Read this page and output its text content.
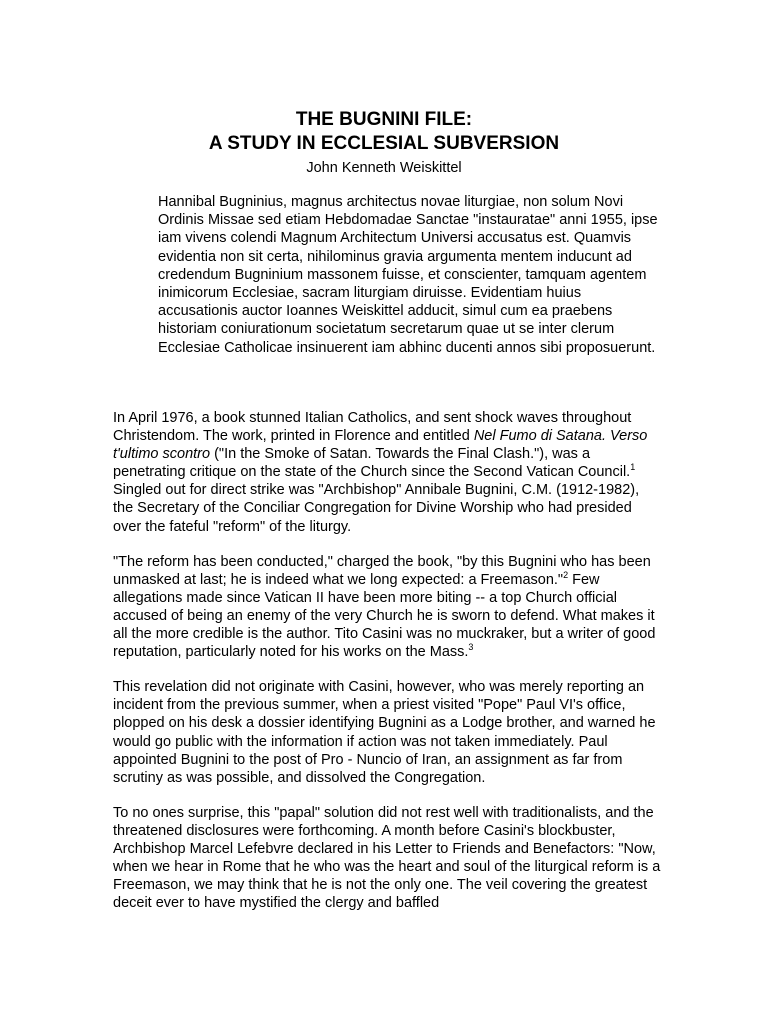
THE BUGNINI FILE:
A STUDY IN ECCLESIAL SUBVERSION

John Kenneth Weiskittel

Hannibal Bugninius, magnus architectus novae liturgiae, non solum Novi Ordinis Missae sed etiam Hebdomadae Sanctae "instauratae" anni 1955, ipse iam vivens colendi Magnum Architectum Universi accusatus est. Quamvis evidentia non sit certa, nihilominus gravia argumenta mentem inducunt ad credendum Bugninium massonem fuisse, et conscienter, tamquam agentem inimicorum Ecclesiae, sacram liturgiam diruisse. Evidentiam huius accusationis auctor Ioannes Weiskittel adducit, simul cum ea praebens historiam coniurationum societatum secretarum quae ut se inter clerum Ecclesiae Catholicae insinuerent iam abhinc ducenti annos sibi proposuerunt.

In April 1976, a book stunned Italian Catholics, and sent shock waves throughout Christendom. The work, printed in Florence and entitled Nel Fumo di Satana. Verso t'ultimo scontro ("In the Smoke of Satan. Towards the Final Clash."), was a penetrating critique on the state of the Church since the Second Vatican Council.$^1$ Singled out for direct strike was "Archbishop" Annibale Bugnini, C.M. (1912-1982), the Secretary of the Conciliar Congregation for Divine Worship who had presided over the fateful "reform" of the liturgy.

"The reform has been conducted," charged the book, "by this Bugnini who has been unmasked at last; he is indeed what we long expected: a Freemason."$^2$ Few allegations made since Vatican II have been more biting -- a top Church official accused of being an enemy of the very Church he is sworn to defend. What makes it all the more credible is the author. Tito Casini was no muckraker, but a writer of good reputation, particularly noted for his works on the Mass.$^3$

This revelation did not originate with Casini, however, who was merely reporting an incident from the previous summer, when a priest visited "Pope" Paul VI's office, plopped on his desk a dossier identifying Bugnini as a Lodge brother, and warned he would go public with the information if action was not taken immediately. Paul appointed Bugnini to the post of Pro - Nuncio of Iran, an assignment as far from scrutiny as was possible, and dissolved the Congregation.

To no ones surprise, this "papal" solution did not rest well with traditionalists, and the threatened disclosures were forthcoming. A month before Casini's blockbuster, Archbishop Marcel Lefebvre declared in his Letter to Friends and Benefactors: "Now, when we hear in Rome that he who was the heart and soul of the liturgical reform is a Freemason, we may think that he is not the only one. The veil covering the greatest deceit ever to have mystified the clergy and baffled
